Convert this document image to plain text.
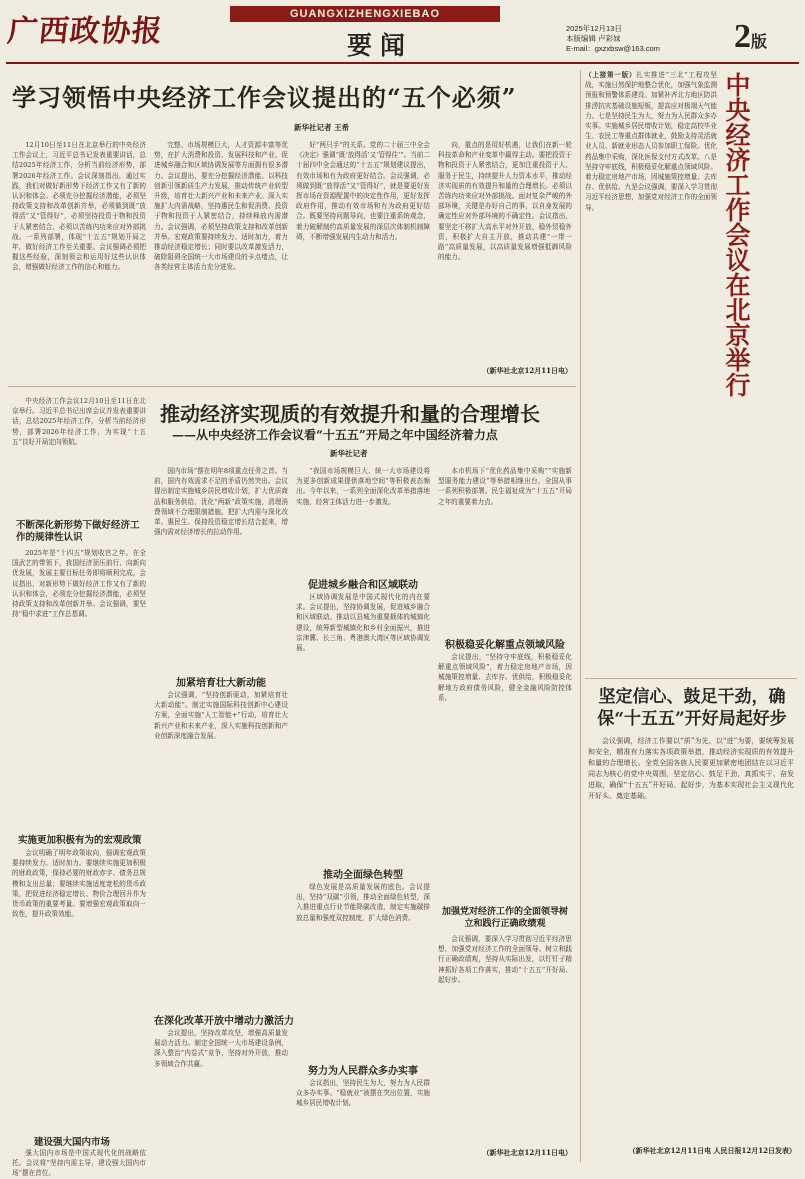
广西政协报	GUANGXIZHENGXIEBAO
要闻
2025年12月13日
本版编辑 卢彩妹
E-mail：gxzxbsw@163.com	2版
学习领悟中央经济工作会议提出的“五个必须”
新华社记者 王希

12月10日至11日在北京举行的中央经济工作会议上，习近平总书记发表重要讲话，总结2025年经济工作，分析当前经济形势，部署2026年经济工作。会议深刻指出，通过实践，我们对做好新形势下经济工作又有了新的认识和体会。必须充分挖掘经济潜能，必须坚持政策支持和改革创新并举，必须做到既“放得活”又“管得好”，必须坚持投资于物和投资于人紧密结合，必须以苦练内功来应对外部挑战。一系列部署，体现“十五五”规划开局之年，做好经济工作至关重要。会议强调必须把握这些经验，深刻领会和运用好这些认识体会，增强做好经济工作的信心和能力。

完整、市场规模巨大，人才资源丰富等优势，在扩大消费和投资、发展科技和产业、促进城乡融合和区域协调发展等方面拥有很多潜力。会议提出，要充分挖掘经济潜能。以科技创新引领新质生产力发展，推动传统产业转型升级，培育壮大新兴产业和未来产业。深入实施扩大内需战略，坚持惠民生和促消费、投资于物和投资于人紧密结合，持续释放内需潜力。会议强调，必须坚持政策支持和改革创新并举。宏观政策要持续发力、适时加力，着力推动经济稳定增长；同时要以改革激发活力，破除阻碍全国统一大市场建设的卡点堵点，让各类经营主体活力充分迸发。

好“两只手”的关系。党的二十届三中全会《决定》强调“既‘放得活’又‘管得住’”。当前二十届四中全会通过的“十五五”规划建议提出，有效市场和有为政府更好结合。会议强调，必须做到既“放得活”又“管得好”，就是要更好发挥市场在资源配置中的决定性作用，更好发挥政府作用，推动有效市场和有为政府更好结合。既要坚持问题导向，也要注重系统观念，着力破解制约高质量发展的深层次体制机制障碍，不断增强发展内生动力和活力。

向，重点的是用好机遇，让我们在新一轮科技革命和产业变革中赢得主动。要把投资于物和投资于人紧密结合，更加注重投资于人、服务于民生，持续提升人力资本水平，推动经济实现质的有效提升和量的合理增长。必须以苦练内功来应对外部挑战。面对复杂严峻的外部环境，关键是办好自己的事，以自身发展的确定性应对外部环境的不确定性。会议指出，要坚定不移扩大高水平对外开放，稳外贸稳外资，积极扩大自主开放，推动共建“一带一路”高质量发展，以高质量发展增强抵御风险的能力。

（新华社北京12月11日电）
（上接第一版）扎实推进“三北”工程攻坚战，实施日然保护地整合优化，加强气象监测预报和预警体系建设。加紧补齐北方地区防洪排涝抗灾基础设施短板，提高应对极端天气能力。七是坚持民生为大，努力为人民群众多办实事。实施城乡居民增收计划，稳定高校毕业生、农民工等重点群体就业，鼓励支持灵活就业人员、新就业形态人员参加职工保险。优化药品集中采购，深化医保支付方式改革。八是坚持守牢底线，积极稳妥化解重点领域风险。着力稳定房地产市场，因城施策控增量、去库存、优供给。九是会议强调，要深入学习贯彻习近平经济思想，加强党对经济工作的全面领导。	中央经济工作会议在北京举行
坚定信心、鼓足干劲，确保“十五五”开好局起好步

会议强调，经济工作要以“质”为先、以“进”为要，要统筹发展和安全，精准有力落实各项政策举措，推动经济实现质的有效提升和量的合理增长。全党全国各族人民要更加紧密地团结在以习近平同志为核心的党中央周围，坚定信心、鼓足干劲，真抓实干、奋发进取，确保“十五五”开好局、起好步，为基本实现社会主义现代化开好头、奠定基础。

（新华社北京12月11日电 人民日报12月12日发表）

中央经济工作会议12月10日至11日在北京举行。习近平总书记出席会议并发表重要讲话，总结2025年经济工作，分析当前经济形势，部署2026年经济工作，为实现“十五五”良好开局定向领航。

不断深化新形势下做好经济工作的规律性认识

2025年是“十四五”规划收官之年。在全国武艺的带领下，我国经济顶压前行、向新向优发展，发展主要目标任务即将顺利完成。会议指出，对新形势下做好经济工作又有了新的认识和体会，必须充分挖掘经济潜能，必须坚持政策支持和改革创新并举。会议强调，要坚持“稳中求进”工作总基调。

实施更加积极有为的宏观政策

会议明确了明年政策取向，强调宏观政策要持续发力、适时加力。要继续实施更加积极的财政政策，保持必要的财政赤字、债务总规模和支出总量；要继续实施适度宽松的货币政策，把促进经济稳定增长、物价合理回升作为货币政策的重要考量。要增强宏观政策取向一致性，提升政策效能。

建设强大国内市场

强大国内市场是中国式现代化的战略依托。会议将“坚持内需主导，建设强大国内市场”摆在首位。

推动经济实现质的有效提升和量的合理增长
——从中央经济工作会议看“十五五”开局之年中国经济着力点
新华社记者

国内市场”摆在明年8项重点任务之首。当前，国内有效需求不足的矛盾仍然突出。会议提出制定实施城乡居民增收计划，扩大优质商品和服务供给，优化“两新”政策实施，清理消费领域不合理限制措施。把扩大内需与深化改革、惠民生、保持投资稳定增长结合起来，增强内需对经济增长的拉动作用。

加紧培育壮大新动能

会议强调，“坚持创新驱动，加紧培育壮大新动能”。制定实施国际科技创新中心建设方案，全面实施“人工智能+”行动，培育壮大新兴产业和未来产业，深入实施科技创新和产业创新深度融合发展。

在深化改革开放中增动力激活力

会议提出，坚持改革攻坚，增强高质量发展动力活力。制定全国统一大市场建设条例，深入整治“内卷式”竞争，坚持对外开放，推动多领域合作共赢。

“我国市场规模巨大、统一大市场建设将为更多创新成果提供落地空间”等积极表态频出。今年以来，一系列全面深化改革举措落地实施，经营主体活力进一步激发。

促进城乡融合和区域联动

区域协调发展是中国式现代化的内在要求。会议提出，坚持协调发展，促进城乡融合和区域联动。推动以县城为重要载体的城镇化建设，统筹新型城镇化和乡村全面振兴，推进京津冀、长三角、粤港澳大湾区等区域协调发展。

推动全面绿色转型

绿色发展是高质量发展的底色。会议提出，坚持“双碳”引领，推动全面绿色转型，深入推进重点行业节能降碳改造，制定实施碳排放总量和强度双控制度，扩大绿色消费。

努力为人民群众多办实事

会议指出，坚持民生为大，努力为人民群众多办实事。“稳就业”被摆在突出位置，实施城乡居民增收计划。

本市机场下“优化药品集中采购”“实施新型服务能力建设”等举措相继出台，全国从事一系列积极部署。民生福祉成为“十五五”开局之年的重要着力点。

积极稳妥化解重点领域风险

会议提出，“坚持守牢底线，积极稳妥化解重点领域风险”，着力稳定房地产市场，因城施策控增量、去库存、优供给，积极稳妥化解地方政府债务风险，健全金融风险防控体系。

加强党对经济工作的全面领导树立和践行正确政绩观

会议强调，要深入学习贯彻习近平经济思想，加强党对经济工作的全面领导。树立和践行正确政绩观，坚持从实际出发，以钉钉子精神抓好各项工作落实，推动“十五五”开好局、起好步。

（新华社北京12月11日电）
